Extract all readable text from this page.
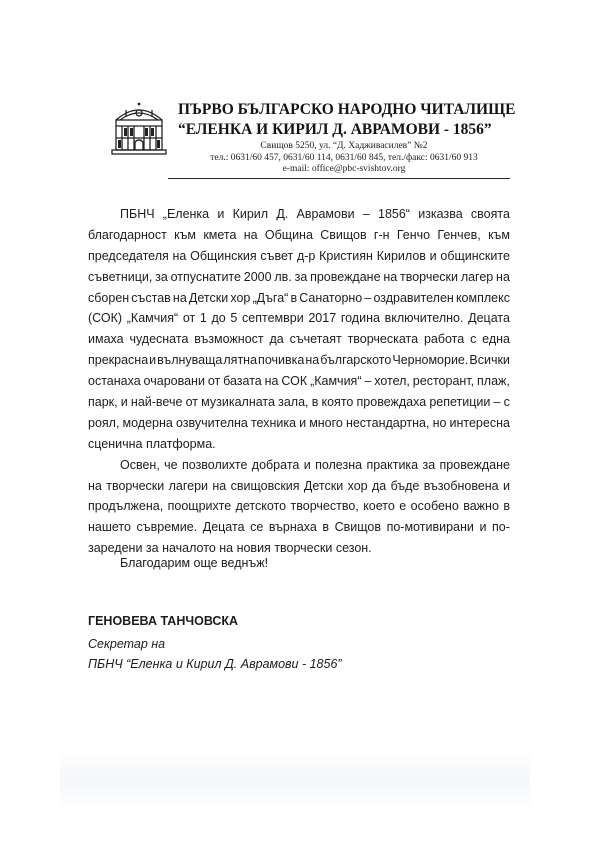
ПЪРВО БЪЛГАРСКО НАРОДНО ЧИТАЛИЩЕ
“ЕЛЕНКА И КИРИЛ Д. АВРАМОВИ - 1856”
Свищов 5250, ул. “Д. Хадживасилев” №2
тел.: 0631/60 457, 0631/60 114, 0631/60 845, тел./факс: 0631/60 913
e-mail: office@pbc-svishtov.org
ПБНЧ „Еленка и Кирил Д. Аврамови – 1856“ изказва своята
благодарност към кмета на Община Свищов г-н Генчо Генчев, към
председателя на Общинския съвет д-р Кристиян Кирилов и общинските
съветници, за отпуснатите 2000 лв. за провеждане на творчески лагер на
сборен състав на Детски хор „Дъга“ в Санаторно – оздравителен комплекс
(СОК) „Камчия“ от 1 до 5 септември 2017 година включително. Децата
имаха чудесната възможност да съчетаят творческата работа с една
прекрасна и вълнуваща лятна почивка на българското Черноморие. Всички
останаха очаровани от базата на СОК „Камчия“ – хотел, ресторант, плаж,
парк, и най-вече от музикалната зала, в която провеждаха репетиции – с
роял, модерна озвучителна техника и много нестандартна, но интересна
сценична платформа.
Освен, че позволихте добрата и полезна практика за провеждане
на творчески лагери на свищовския Детски хор да бъде възобновена и
продължена, поощрихте детското творчество, което е особено важно в
нашето съвремие. Децата се върнаха в Свищов по-мотивирани и по-
заредени за началото на новия творчески сезон.
Благодарим още веднъж!
ГЕНОВЕВА ТАНЧОВСКА
Секретар на
ПБНЧ “Еленка и Кирил Д. Аврамови - 1856”
